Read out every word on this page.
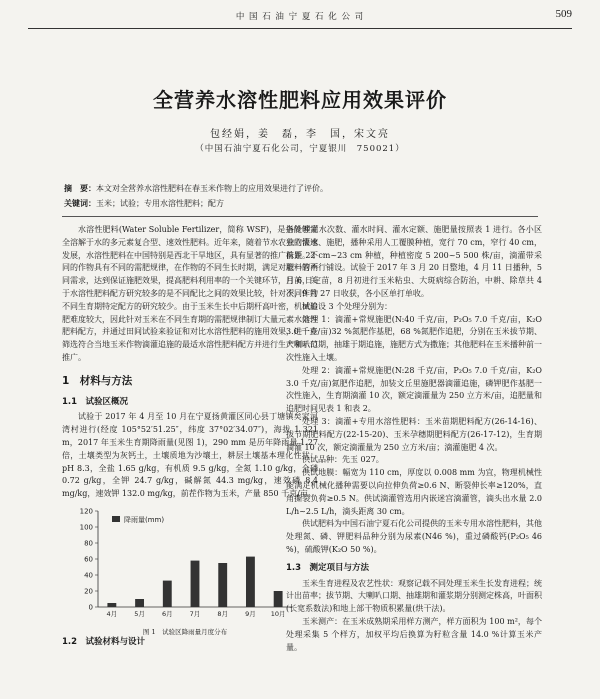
中 国 石 油 宁 夏 石 化 公 司	509
全营养水溶性肥料应用效果评价
包经娟，姜　磊，李　国，宋文亮
（中国石油宁夏石化公司，宁夏银川　750021）
摘　要：本文对全营养水溶性肥料在春玉米作物上的应用效果进行了评价。
关键词：玉米；试验；专用水溶性肥料；配方

水溶性肥料(Water Soluble Fertilizer，简称 WSF)，是指能够完全溶解于水的多元素复合型、速效性肥料。近年来，随着节水农业的快速发展，水溶性肥料在中国特别是西北干旱地区，具有显著的推广前景。不同的作物具有不同的需肥规律，在作物的不同生长时期，满足对肥料的不同需求，达到保证施肥效果，提高肥料利用率的一个关键环节，目前，关于水溶性肥料配方研究较多的是不同配比之间的效果比较，针对不同作物不同生育期特定配方的研究较少。由于玉米生长中后期杆高叶密，机械追肥难度较大，因此针对玉米在不同生育期的需肥规律制订大量元素水溶性肥料配方，并通过田间试验来验证和对比水溶性肥料的施用效果，进一步筛选符合当地玉米作物滴灌追施的最适水溶性肥料配方并进行生产和示范推广。

1　材料与方法
1.1　试验区概况

试验于 2017 年 4 月至 10 月在宁夏扬黄灌区同心县丁塘镇矣家河湾村进行(经度 105°52′51.25″，纬度 37°02′34.07″)，海拔 1 321 m，2017 年玉米生育期降雨量(见图 1)，290 mm 是历年降雨量 1.27 倍，土壤类型为灰钙土，土壤质地为沙壤土，耕层土壤基本理化性状：pH 8.3，全盐 1.65 g/kg，有机质 9.5 g/kg，全氮 1.10 g/kg，全磷 0.72 g/kg，全钾 24.7 g/kg，碱解氮 44.3 mg/kg，速效磷 8.4 mg/kg，速效钾 132.0 mg/kg，前茬作物为玉米，产量 850 千克/亩。

0
20
40
60
80
100
120
4月	5月	6月	7月	8月	9月 10月
降雨量(mm)
图 1　试验区降雨量月度分布
1.2　试验材料与设计

各处理灌水次数、灌水时间、灌水定额、施肥量按照表 1 进行。各小区独立灌水、施肥，播种采用人工覆膜种植，宽行 70 cm，窄行 40 cm，株距 22 cm~23 cm 种植，种植密度 5 200~5 500 株/亩，滴灌带采取一管两行铺设。试验于 2017 年 3 月 20 日整地，4 月 11 日播种，5 月 6 日定苗，8 月初进行玉米粘虫、大斑病综合防治，中耕、除草共 4 次，9 月 27 日收获，各小区单打单收。

试验设 3 个处理分别为：

处理 1：滴灌+常规施肥(N:40 千克/亩，P₂O₅ 7.0 千克/亩，K₂O 3.0 千克/亩)32 %氮肥作基肥，68 %氮肥作追肥，分别在玉米拔节期、大喇叭口期，抽雄于期追施，施肥方式为撒施；其他肥料在玉米播种前一次性施入土壤。

处理 2：滴灌+常规施肥(N:28 千克/亩，P₂O₅ 7.0 千克/亩，K₂O 3.0 千克/亩)氮肥作追肥，加装文丘里施肥器滴灌追施，磷钾肥作基肥一次性施入，生育期滴灌 10 次，额定滴灌量为 250 立方米/亩，追肥量和追肥时间见表 1 和表 2。

处理 3：滴灌+专用水溶性肥料：玉米苗期肥料配方(26-14-16)、拔节期肥料配方(22-15-20)、玉米孕穗期肥料配方(26-17-12)，生育期滴灌 10 次，额定滴灌量为 250 立方米/亩；滴灌施肥 4 次。

供试品种：先玉 027。

供试地膜：幅宽为 110 cm，厚度以 0.008 mm 为宜，物理机械性能满足机械化播种需要以向拉伸负荷≥0.6 N、断裂伸长率≥120%，直角撕裂负荷≥0.5 N。供试滴灌管选用内嵌迷宫滴灌管，滴头出水量 2.0 L/h~2.5 L/h，滴头距离 30 cm。

供试肥料为中国石油宁夏石化公司提供的玉米专用水溶性肥料，其他处理氮、磷、钾肥料品种分别为尿素(N46 %)，重过磷酸钙(P₂O₅ 46 %)，硫酸钾(K₂O 50 %)。

1.3　测定项目与方法

玉米生育进程及农艺性状：观察记载不同处理玉米生长发育进程；统计出苗率；拔节期、大喇叭口期、抽雄期和灌浆期分别测定株高，叶面积(长宽系数法)和地上部干物质积累量(烘干法)。

玉米测产：在玉米成熟期采用样方测产，样方面积为 100 m²，每个处理采集 5 个样方，加权平均后换算为籽粒含量 14.0 %计算玉米产量。
